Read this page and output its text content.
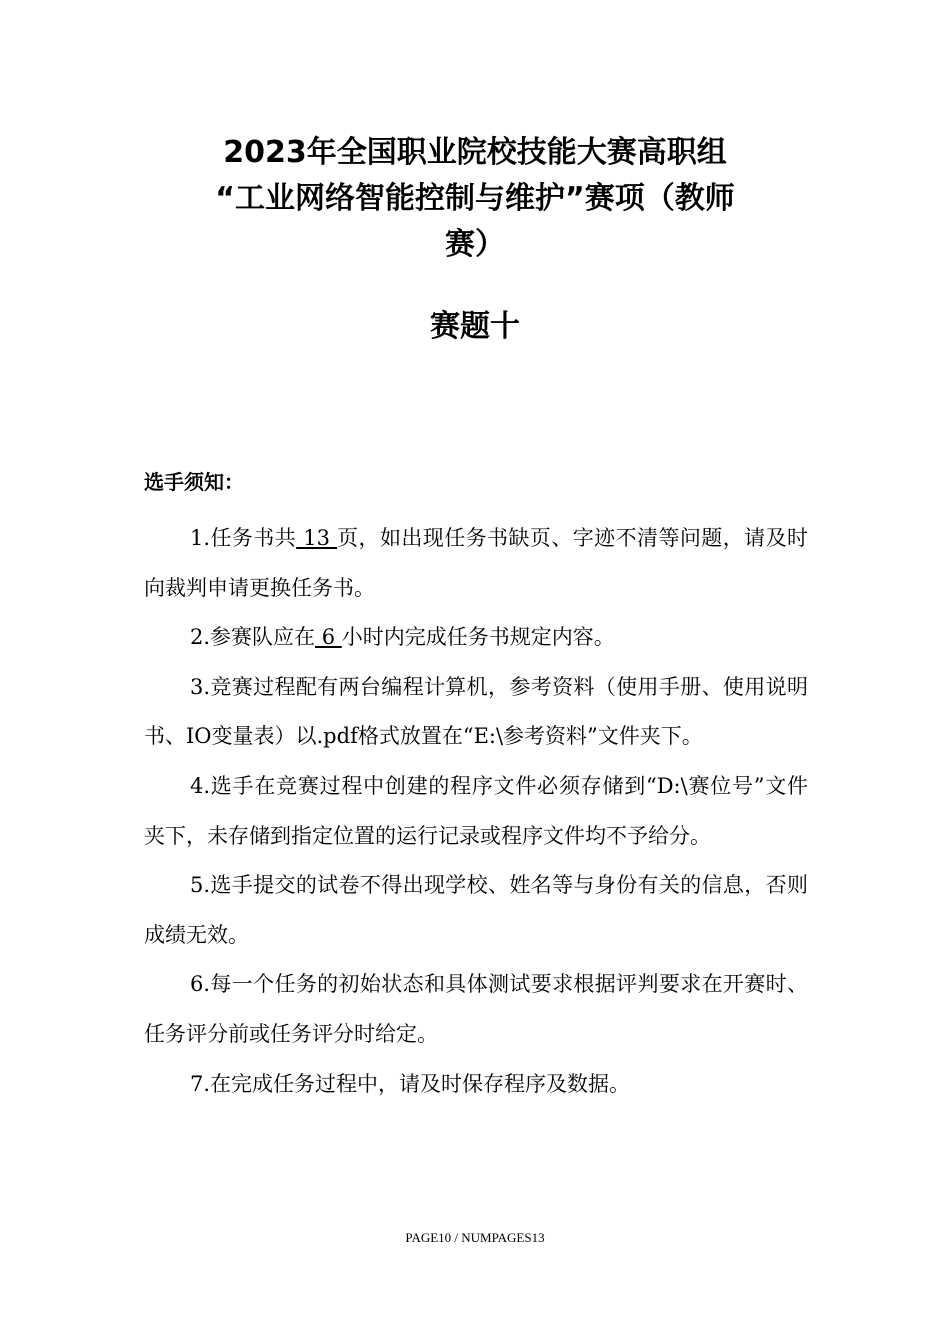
2023年全国职业院校技能大赛高职组
“工业网络智能控制与维护”赛项（教师
赛）
赛题十
选手须知：

1.任务书共 13 页，如出现任务书缺页、字迹不清等问题，请及时向裁判申请更换任务书。

2.参赛队应在 6 小时内完成任务书规定内容。

3.竞赛过程配有两台编程计算机，参考资料（使用手册、使用说明书、IO变量表）以.pdf格式放置在“E:\参考资料”文件夹下。

4.选手在竞赛过程中创建的程序文件必须存储到“D:\赛位号”文件夹下，未存储到指定位置的运行记录或程序文件均不予给分。

5.选手提交的试卷不得出现学校、姓名等与身份有关的信息，否则成绩无效。

6.每一个任务的初始状态和具体测试要求根据评判要求在开赛时、任务评分前或任务评分时给定。

7.在完成任务过程中，请及时保存程序及数据。

PAGE10 / NUMPAGES13
